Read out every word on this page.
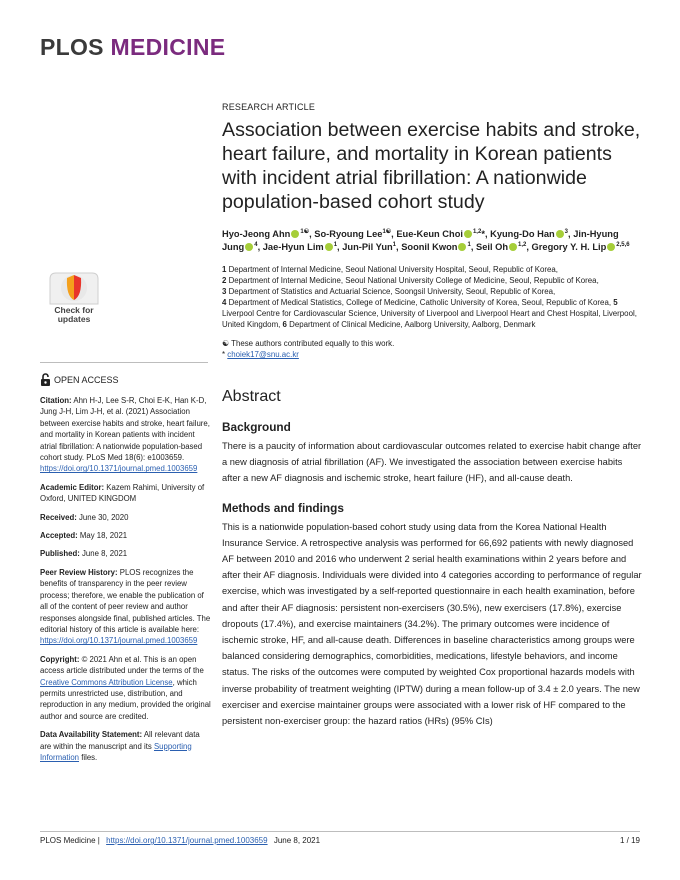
PLOS MEDICINE
Check for updates
OPEN ACCESS
Citation: Ahn H-J, Lee S-R, Choi E-K, Han K-D, Jung J-H, Lim J-H, et al. (2021) Association between exercise habits and stroke, heart failure, and mortality in Korean patients with incident atrial fibrillation: A nationwide population-based cohort study. PLoS Med 18(6): e1003659. https://doi.org/10.1371/journal.pmed.1003659
Academic Editor: Kazem Rahimi, University of Oxford, UNITED KINGDOM
Received: June 30, 2020
Accepted: May 18, 2021
Published: June 8, 2021
Peer Review History: PLOS recognizes the benefits of transparency in the peer review process; therefore, we enable the publication of all of the content of peer review and author responses alongside final, published articles. The editorial history of this article is available here: https://doi.org/10.1371/journal.pmed.1003659
Copyright: © 2021 Ahn et al. This is an open access article distributed under the terms of the Creative Commons Attribution License, which permits unrestricted use, distribution, and reproduction in any medium, provided the original author and source are credited.
Data Availability Statement: All relevant data are within the manuscript and its Supporting Information files.
RESEARCH ARTICLE
Association between exercise habits and stroke, heart failure, and mortality in Korean patients with incident atrial fibrillation: A nationwide population-based cohort study
Hyo-Jeong Ahn $^{1☯}$, So-Ryoung Lee$^{1☯}$, Eue-Keun Choi $^{1,2}$*, Kyung-Do Han $^3$, Jin-Hyung Jung $^4$, Jae-Hyun Lim $^1$, Jun-Pil Yun$^1$, Soonil Kwon $^1$, Seil Oh $^{1,2}$, Gregory Y. H. Lip $^{2,5,6}$
1 Department of Internal Medicine, Seoul National University Hospital, Seoul, Republic of Korea,
2 Department of Internal Medicine, Seoul National University College of Medicine, Seoul, Republic of Korea,
3 Department of Statistics and Actuarial Science, Soongsil University, Seoul, Republic of Korea,
4 Department of Medical Statistics, College of Medicine, Catholic University of Korea, Seoul, Republic of Korea, 5 Liverpool Centre for Cardiovascular Science, University of Liverpool and Liverpool Heart and Chest Hospital, Liverpool, United Kingdom, 6 Department of Clinical Medicine, Aalborg University, Aalborg, Denmark
☯ These authors contributed equally to this work.
* choiek17@snu.ac.kr
Abstract
Background

There is a paucity of information about cardiovascular outcomes related to exercise habit change after a new diagnosis of atrial fibrillation (AF). We investigated the association between exercise habits after a new AF diagnosis and ischemic stroke, heart failure (HF), and all-cause death.

Methods and findings

This is a nationwide population-based cohort study using data from the Korea National Health Insurance Service. A retrospective analysis was performed for 66,692 patients with newly diagnosed AF between 2010 and 2016 who underwent 2 serial health examinations within 2 years before and after their AF diagnosis. Individuals were divided into 4 categories according to performance of regular exercise, which was investigated by a self-reported questionnaire in each health examination, before and after their AF diagnosis: persistent non-exercisers (30.5%), new exercisers (17.8%), exercise dropouts (17.4%), and exercise maintainers (34.2%). The primary outcomes were incidence of ischemic stroke, HF, and all-cause death. Differences in baseline characteristics among groups were balanced considering demographics, comorbidities, medications, lifestyle behaviors, and income status. The risks of the outcomes were computed by weighted Cox proportional hazards models with inverse probability of treatment weighting (IPTW) during a mean follow-up of 3.4 ± 2.0 years. The new exerciser and exercise maintainer groups were associated with a lower risk of HF compared to the persistent non-exerciser group: the hazard ratios (HRs) (95% CIs)

PLOS Medicine | https://doi.org/10.1371/journal.pmed.1003659 June 8, 2021	1 / 19
